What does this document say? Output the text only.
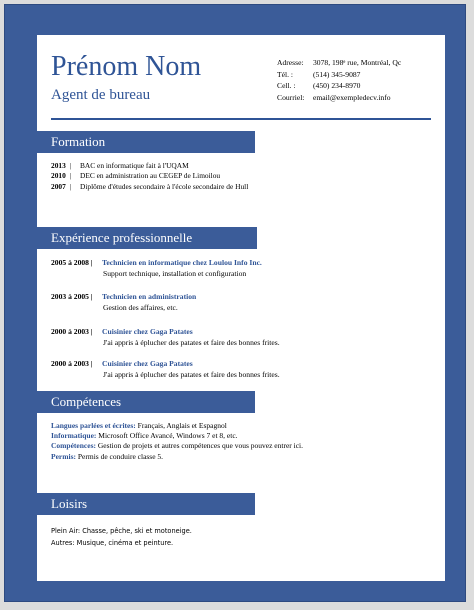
Prénom Nom
Agent de bureau
Adresse:	3078, 198ᵉ rue, Montréal, Qc
Tél. :	(514) 345-9087
Cell. :	(450) 234-8970
Courriel:	email@exempledecv.info
Formation
2013 |	BAC en informatique fait à l'UQAM
2010 |	DEC en administration au CEGEP de Limoilou
2007 |	Diplôme d'études secondaire à l'école secondaire de Hull
Expérience professionnelle
2005 à 2008 | Technicien en informatique chez Loulou Info Inc.
Support technique, installation et configuration
2003 à 2005 | Technicien en administration
Gestion des affaires, etc.
2000 à 2003 | Cuisinier chez Gaga Patates
J'ai appris à éplucher des patates et faire des bonnes frites.
2000 à 2003 | Cuisinier chez Gaga Patates
J'ai appris à éplucher des patates et faire des bonnes frites.
Compétences
Langues parlées et écrites: Français, Anglais et Espagnol
Informatique: Microsoft Office Avancé, Windows 7 et 8, etc.
Compétences: Gestion de projets et autres compétences que vous pouvez entrer ici.
Permis: Permis de conduire classe 5.
Loisirs
Plein Air: Chasse, pêche, ski et motoneige.
Autres: Musique, cinéma et peinture.
